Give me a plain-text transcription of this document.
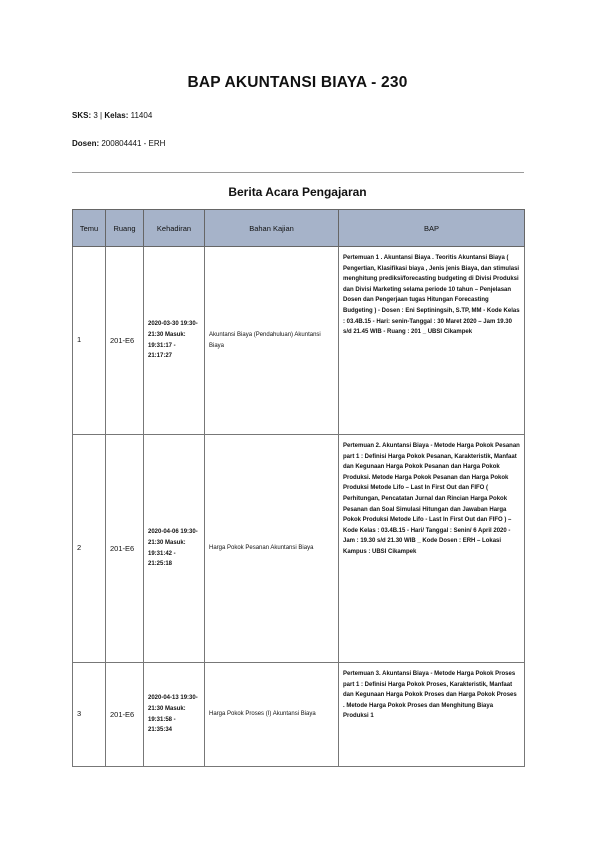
BAP AKUNTANSI BIAYA - 230
SKS: 3 | Kelas: 11404
Dosen: 200804441 - ERH
Berita Acara Pengajaran
Temu	Ruang	Kehadiran	Bahan Kajian	BAP
1	201-E6	2020-03-30 19:30-21:30 Masuk: 19:31:17 - 21:17:27	Akuntansi Biaya (Pendahuluan) Akuntansi Biaya	Pertemuan 1 . Akuntansi Biaya . Teoritis Akuntansi Biaya ( Pengertian, Klasifikasi biaya , Jenis jenis Biaya, dan stimulasi menghitung prediksi/forecasting budgeting di Divisi Produksi dan Divisi Marketing selama periode 10 tahun – Penjelasan Dosen dan Pengerjaan tugas Hitungan Forecasting Budgeting ) - Dosen : Eni Septiningsih, S.TP, MM - Kode Kelas : 03.4B.15 - Hari: senin-Tanggal : 30 Maret 2020 – Jam 19.30 s/d 21.45 WIB - Ruang : 201 _ UBSI Cikampek
2	201-E6	2020-04-06 19:30-21:30 Masuk: 19:31:42 - 21:25:18	Harga Pokok Pesanan Akuntansi Biaya	Pertemuan 2. Akuntansi Biaya - Metode Harga Pokok Pesanan part 1 : Definisi Harga Pokok Pesanan, Karakteristik, Manfaat dan Kegunaan Harga Pokok Pesanan dan Harga Pokok Produksi. Metode Harga Pokok Pesanan dan Harga Pokok Produksi Metode Lifo – Last In First Out dan FIFO ( Perhitungan, Pencatatan Jurnal dan Rincian Harga Pokok Pesanan dan Soal Simulasi Hitungan dan Jawaban Harga Pokok Produksi Metode Lifo - Last In First Out dan FIFO ) – Kode Kelas : 03.4B.15 - Hari/ Tanggal : Senin/ 6 April 2020 - Jam : 19.30 s/d 21.30 WIB _ Kode Dosen : ERH – Lokasi Kampus : UBSI Cikampek
3	201-E6	2020-04-13 19:30-21:30 Masuk: 19:31:58 - 21:35:34	Harga Pokok Proses (I) Akuntansi Biaya	Pertemuan 3. Akuntansi Biaya - Metode Harga Pokok Proses part 1 : Definisi Harga Pokok Proses, Karakteristik, Manfaat dan Kegunaan Harga Pokok Proses dan Harga Pokok Proses . Metode Harga Pokok Proses dan Menghitung Biaya Produksi 1
